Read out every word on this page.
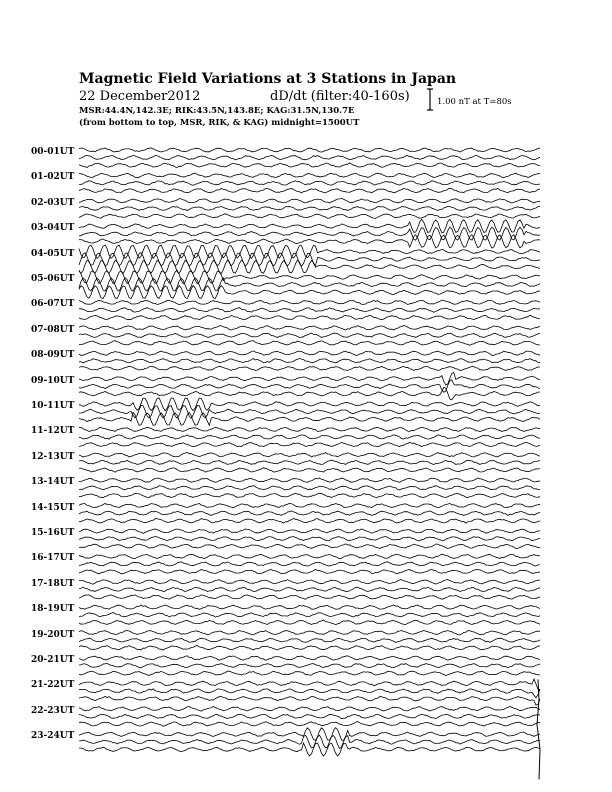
Magnetic Field Variations at 3 Stations in Japan
22 December2012	dD/dt (filter:40-160s)
MSR:44.4N,142.3E; RIK:43.5N,143.8E; KAG:31.5N,130.7E
(from bottom to top, MSR, RIK, & KAG) midnight=1500UT
1.00 nT at T=80s
00-01UT
01-02UT
02-03UT
03-04UT
04-05UT
05-06UT
06-07UT
07-08UT
08-09UT
09-10UT
10-11UT
11-12UT
12-13UT
13-14UT
14-15UT
15-16UT
16-17UT
17-18UT
18-19UT
19-20UT
20-21UT
21-22UT
22-23UT
23-24UT
